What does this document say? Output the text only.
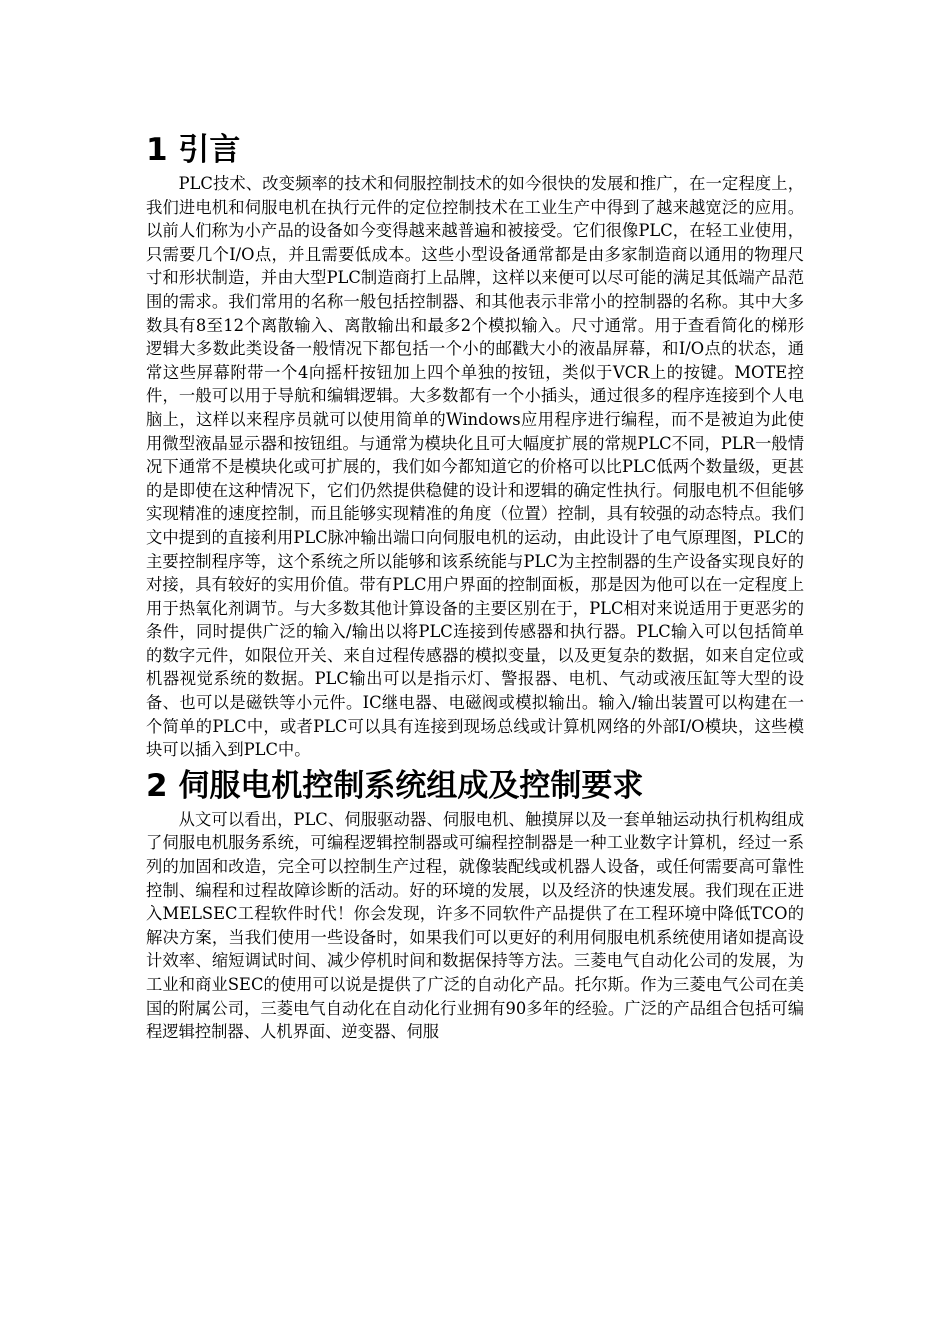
1 引言

PLC技术、改变频率的技术和伺服控制技术的如今很快的发展和推广，在一定程度上，我们进电机和伺服电机在执行元件的定位控制技术在工业生产中得到了越来越宽泛的应用。以前人们称为小产品的设备如今变得越来越普遍和被接受。它们很像PLC，在轻工业使用，只需要几个I/O点，并且需要低成本。这些小型设备通常都是由多家制造商以通用的物理尺寸和形状制造，并由大型PLC制造商打上品牌，这样以来便可以尽可能的满足其低端产品范围的需求。我们常用的名称一般包括控制器、和其他表示非常小的控制器的名称。其中大多数具有8至12个离散输入、离散输出和最多2个模拟输入。尺寸通常。用于查看简化的梯形逻辑大多数此类设备一般情况下都包括一个小的邮戳大小的液晶屏幕，和I/O点的状态，通常这些屏幕附带一个4向摇杆按钮加上四个单独的按钮，类似于VCR上的按键。MOTE控件，一般可以用于导航和编辑逻辑。大多数都有一个小插头，通过很多的程序连接到个人电脑上，这样以来程序员就可以使用简单的Windows应用程序进行编程，而不是被迫为此使用微型液晶显示器和按钮组。与通常为模块化且可大幅度扩展的常规PLC不同，PLR一般情况下通常不是模块化或可扩展的，我们如今都知道它的价格可以比PLC低两个数量级，更甚的是即使在这种情况下，它们仍然提供稳健的设计和逻辑的确定性执行。伺服电机不但能够实现精准的速度控制，而且能够实现精准的角度（位置）控制，具有较强的动态特点。我们文中提到的直接利用PLC脉冲输出端口向伺服电机的运动，由此设计了电气原理图，PLC的主要控制程序等，这个系统之所以能够和该系统能与PLC为主控制器的生产设备实现良好的对接，具有较好的实用价值。带有PLC用户界面的控制面板，那是因为他可以在一定程度上用于热氧化剂调节。与大多数其他计算设备的主要区别在于，PLC相对来说适用于更恶劣的条件，同时提供广泛的输入/输出以将PLC连接到传感器和执行器。PLC输入可以包括简单的数字元件，如限位开关、来自过程传感器的模拟变量，以及更复杂的数据，如来自定位或机器视觉系统的数据。PLC输出可以是指示灯、警报器、电机、气动或液压缸等大型的设备、也可以是磁铁等小元件。IC继电器、电磁阀或模拟输出。输入/输出装置可以构建在一个简单的PLC中，或者PLC可以具有连接到现场总线或计算机网络的外部I/O模块，这些模块可以插入到PLC中。

2 伺服电机控制系统组成及控制要求

从文可以看出，PLC、伺服驱动器、伺服电机、触摸屏以及一套单轴运动执行机构组成了伺服电机服务系统，可编程逻辑控制器或可编程控制器是一种工业数字计算机，经过一系列的加固和改造，完全可以控制生产过程，就像装配线或机器人设备，或任何需要高可靠性控制、编程和过程故障诊断的活动。好的环境的发展，以及经济的快速发展。我们现在正进入MELSEC工程软件时代！你会发现，许多不同软件产品提供了在工程环境中降低TCO的解决方案，当我们使用一些设备时，如果我们可以更好的利用伺服电机系统使用诸如提高设计效率、缩短调试时间、减少停机时间和数据保持等方法。三菱电气自动化公司的发展，为工业和商业SEC的使用可以说是提供了广泛的自动化产品。托尔斯。作为三菱电气公司在美国的附属公司，三菱电气自动化在自动化行业拥有90多年的经验。广泛的产品组合包括可编程逻辑控制器、人机界面、逆变器、伺服
